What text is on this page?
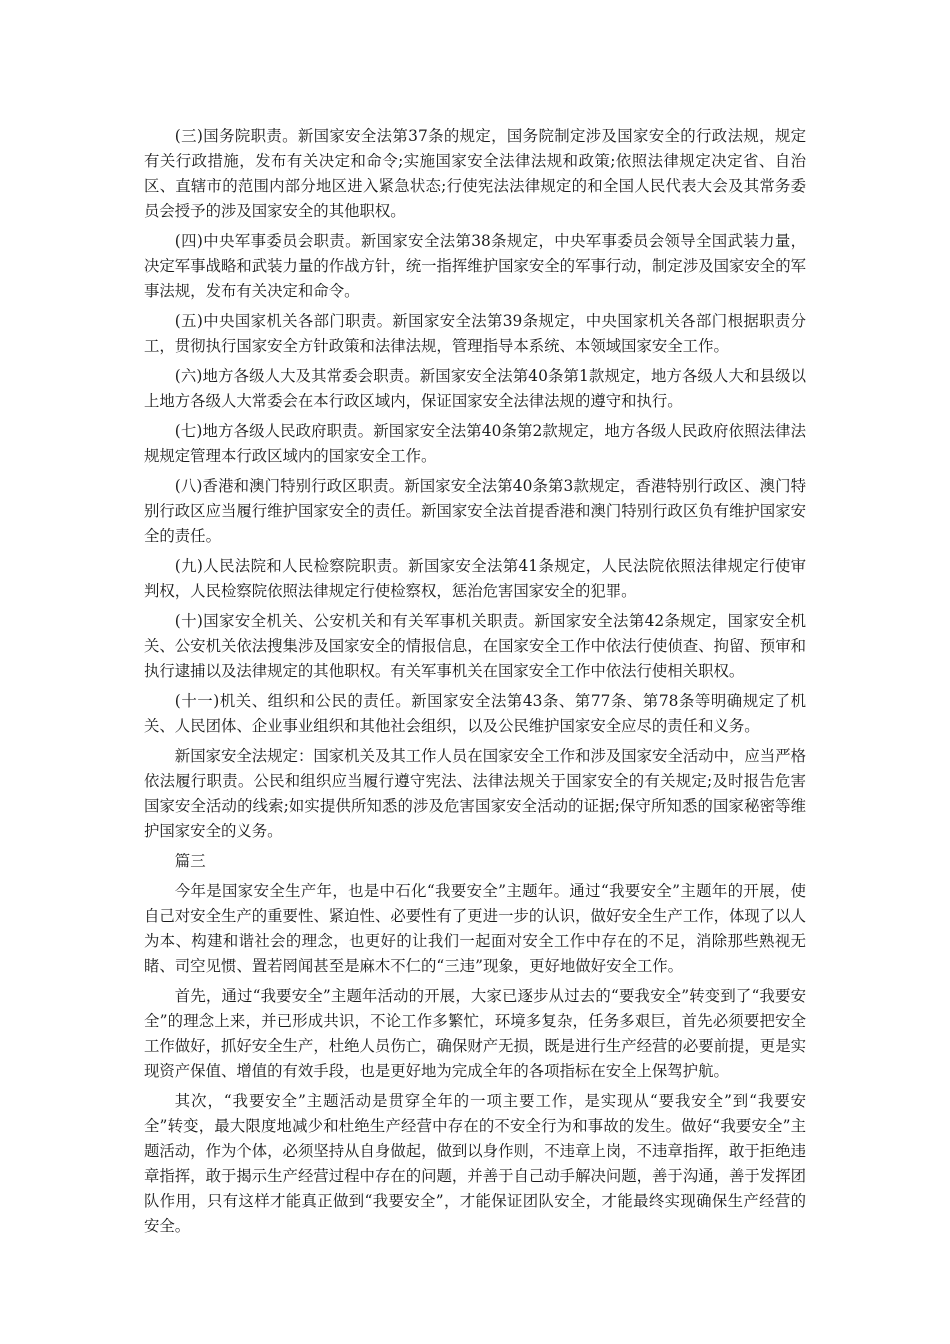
(三)国务院职责。新国家安全法第37条的规定，国务院制定涉及国家安全的行政法规，规定有关行政措施，发布有关决定和命令;实施国家安全法律法规和政策;依照法律规定决定省、自治区、直辖市的范围内部分地区进入紧急状态;行使宪法法律规定的和全国人民代表大会及其常务委员会授予的涉及国家安全的其他职权。

(四)中央军事委员会职责。新国家安全法第38条规定，中央军事委员会领导全国武装力量，决定军事战略和武装力量的作战方针，统一指挥维护国家安全的军事行动，制定涉及国家安全的军事法规，发布有关决定和命令。

(五)中央国家机关各部门职责。新国家安全法第39条规定，中央国家机关各部门根据职责分工，贯彻执行国家安全方针政策和法律法规，管理指导本系统、本领域国家安全工作。

(六)地方各级人大及其常委会职责。新国家安全法第40条第1款规定，地方各级人大和县级以上地方各级人大常委会在本行政区域内，保证国家安全法律法规的遵守和执行。

(七)地方各级人民政府职责。新国家安全法第40条第2款规定，地方各级人民政府依照法律法规规定管理本行政区域内的国家安全工作。

(八)香港和澳门特别行政区职责。新国家安全法第40条第3款规定，香港特别行政区、澳门特别行政区应当履行维护国家安全的责任。新国家安全法首提香港和澳门特别行政区负有维护国家安全的责任。

(九)人民法院和人民检察院职责。新国家安全法第41条规定，人民法院依照法律规定行使审判权，人民检察院依照法律规定行使检察权，惩治危害国家安全的犯罪。

(十)国家安全机关、公安机关和有关军事机关职责。新国家安全法第42条规定，国家安全机关、公安机关依法搜集涉及国家安全的情报信息，在国家安全工作中依法行使侦查、拘留、预审和执行逮捕以及法律规定的其他职权。有关军事机关在国家安全工作中依法行使相关职权。

(十一)机关、组织和公民的责任。新国家安全法第43条、第77条、第78条等明确规定了机关、人民团体、企业事业组织和其他社会组织，以及公民维护国家安全应尽的责任和义务。

新国家安全法规定：国家机关及其工作人员在国家安全工作和涉及国家安全活动中，应当严格依法履行职责。公民和组织应当履行遵守宪法、法律法规关于国家安全的有关规定;及时报告危害国家安全活动的线索;如实提供所知悉的涉及危害国家安全活动的证据;保守所知悉的国家秘密等维护国家安全的义务。

篇三

今年是国家安全生产年，也是中石化“我要安全”主题年。通过“我要安全”主题年的开展，使自己对安全生产的重要性、紧迫性、必要性有了更进一步的认识，做好安全生产工作，体现了以人为本、构建和谐社会的理念，也更好的让我们一起面对安全工作中存在的不足，消除那些熟视无睹、司空见惯、置若罔闻甚至是麻木不仁的“三违”现象，更好地做好安全工作。

首先，通过“我要安全”主题年活动的开展，大家已逐步从过去的“要我安全”转变到了“我要安全”的理念上来，并已形成共识，不论工作多繁忙，环境多复杂，任务多艰巨，首先必须要把安全工作做好，抓好安全生产，杜绝人员伤亡，确保财产无损，既是进行生产经营的必要前提，更是实现资产保值、增值的有效手段，也是更好地为完成全年的各项指标在安全上保驾护航。

其次，“我要安全”主题活动是贯穿全年的一项主要工作，是实现从“要我安全”到“我要安全”转变，最大限度地减少和杜绝生产经营中存在的不安全行为和事故的发生。做好“我要安全”主题活动，作为个体，必须坚持从自身做起，做到以身作则，不违章上岗，不违章指挥，敢于拒绝违章指挥，敢于揭示生产经营过程中存在的问题，并善于自己动手解决问题，善于沟通，善于发挥团队作用，只有这样才能真正做到“我要安全”，才能保证团队安全，才能最终实现确保生产经营的安全。
